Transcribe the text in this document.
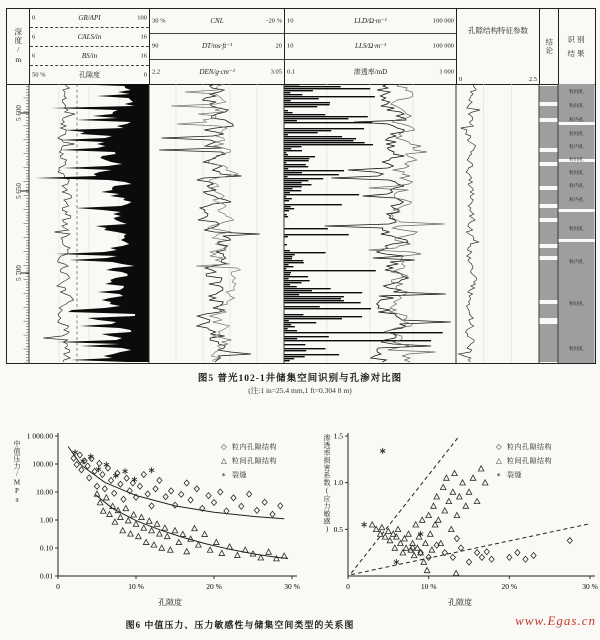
深度/m
0	GR/API	100
6	CALS/in	16
6	BS/in	16
50 %	孔隙度	0
30 %	CNL	-20 %
90	DT/ms·ft⁻¹	20
2.2	DEN/g·cm⁻³	3.05
10	LLD/Ω·m⁻¹	100 000
10	LLS/Ω·m⁻¹	100 000
0.1	渗透率/mD	1 000
孔隙结构特征参数
0	2.5
结论 识别结果
粒间孔
粒间孔
粒内孔
粒间孔
粒内孔
粒间孔
粒间孔
粒内孔
粒内孔
粒间孔
粒内孔
粒间孔
粒间孔
5 600
5 650
5 700
图5 普光102-1井储集空间识别与孔渗对比图
(注:1 in=25.4 mm,1 ft=0.304 8 m)
0	10 %	20 %	30 %
1 000.00
100.00
10.00
1.00
0.10
0.01
0	10 %	20 %	30 %
1.5
1.0
0.5
中值压力/MPa	渗透率损害系数(应力敏感)
孔隙度	孔隙度
◇ 粒内孔隙结构
△ 粒间孔隙结构
∗ 裂缝
◇ 粒内孔隙结构
△ 粒间孔隙结构
∗ 裂缝
图6 中值压力、压力敏感性与储集空间类型的关系图	www.Egas.cn
